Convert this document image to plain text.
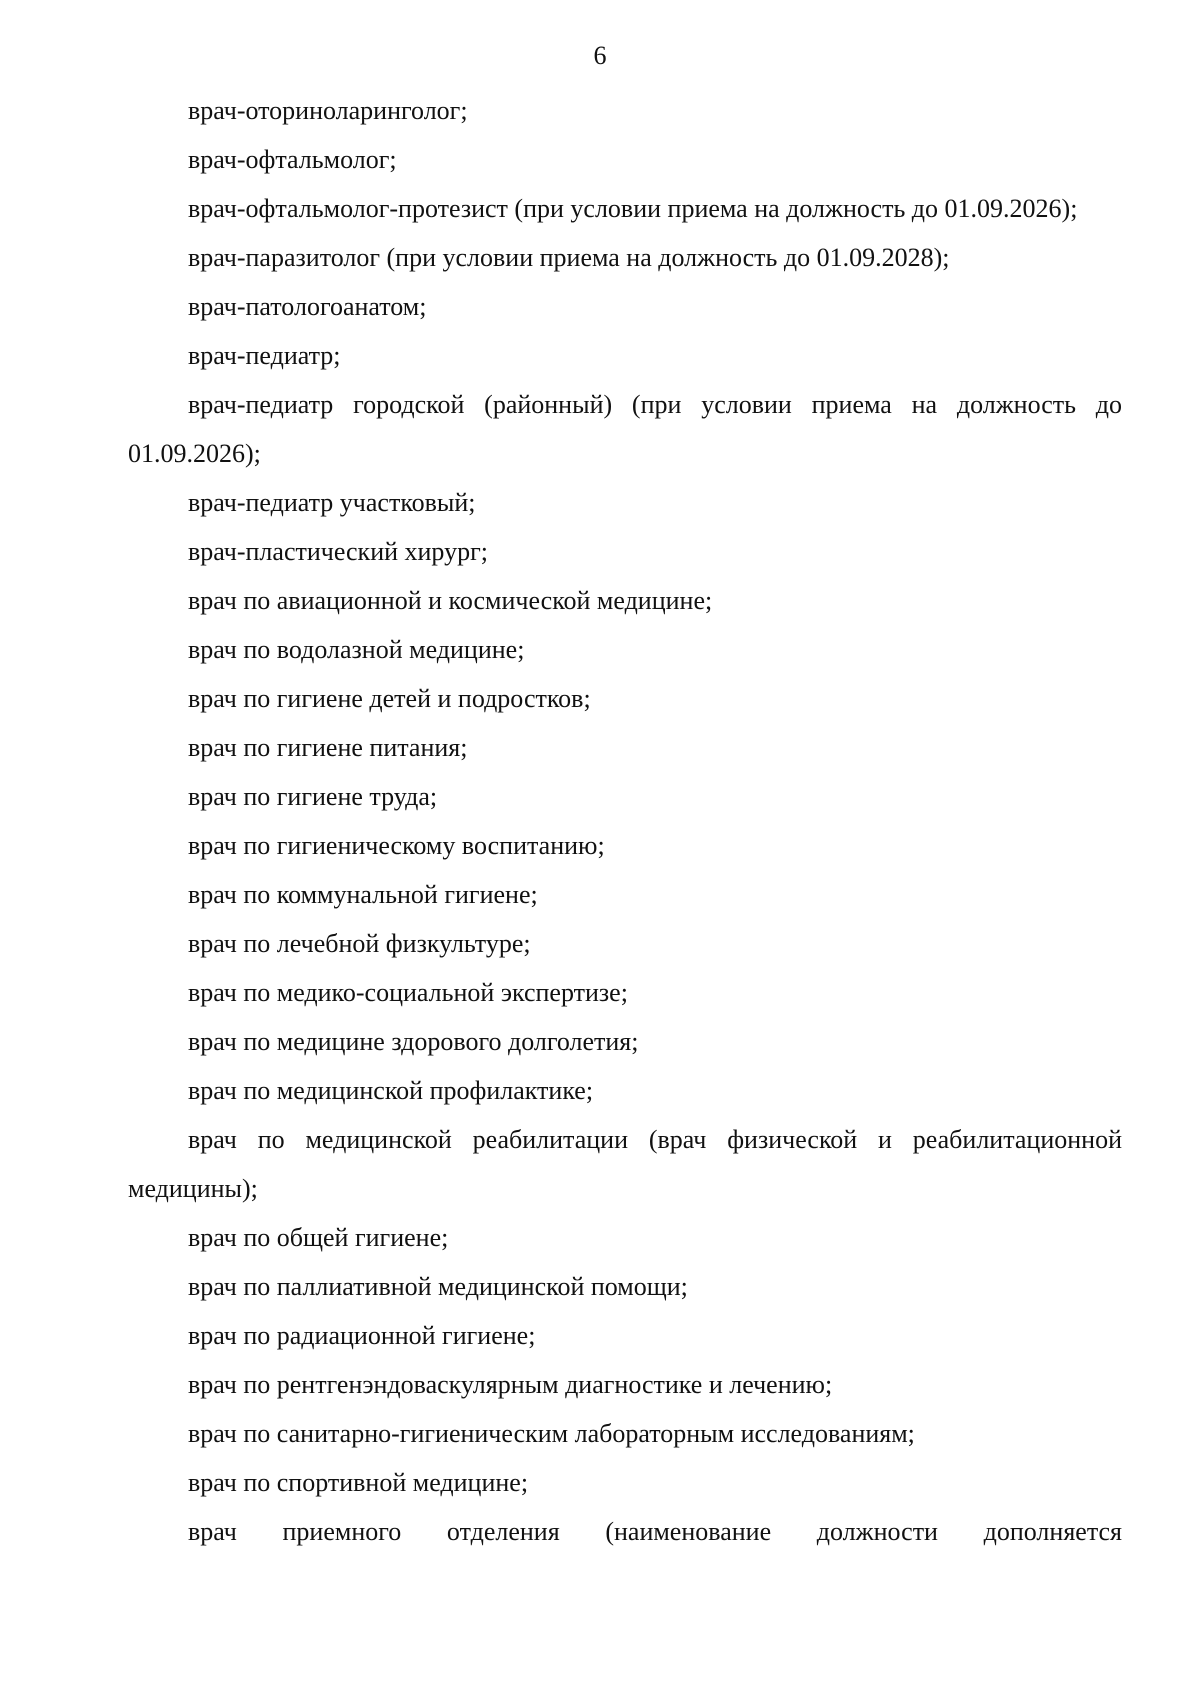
6

врач-оториноларинголог;

врач-офтальмолог;

врач-офтальмолог-протезист (при условии приема на должность до 01.09.2026);

врач-паразитолог (при условии приема на должность до 01.09.2028);

врач-патологоанатом;

врач-педиатр;

врач-педиатр городской (районный) (при условии приема на должность до 01.09.2026);

врач-педиатр участковый;

врач-пластический хирург;

врач по авиационной и космической медицине;

врач по водолазной медицине;

врач по гигиене детей и подростков;

врач по гигиене питания;

врач по гигиене труда;

врач по гигиеническому воспитанию;

врач по коммунальной гигиене;

врач по лечебной физкультуре;

врач по медико-социальной экспертизе;

врач по медицине здорового долголетия;

врач по медицинской профилактике;

врач по медицинской реабилитации (врач физической и реабилитационной медицины);

врач по общей гигиене;

врач по паллиативной медицинской помощи;

врач по радиационной гигиене;

врач по рентгенэндоваскулярным диагностике и лечению;

врач по санитарно-гигиеническим лабораторным исследованиям;

врач по спортивной медицине;

врач приемного отделения (наименование должности дополняется
